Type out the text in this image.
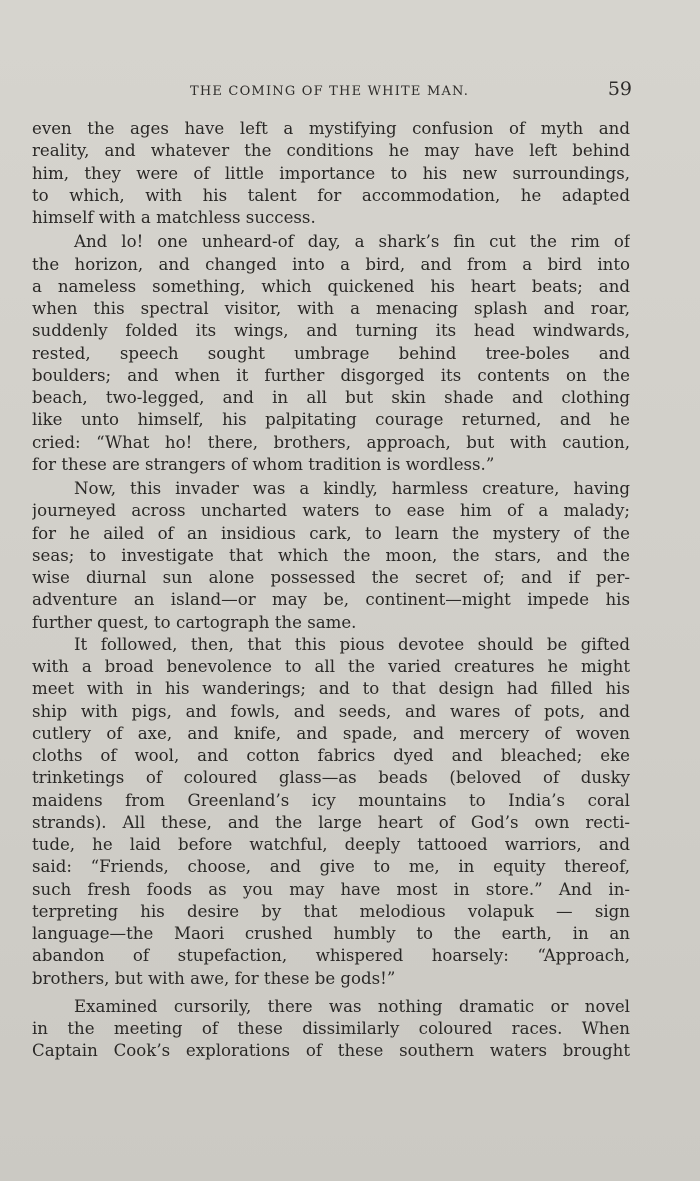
THE COMING OF THE WHITE MAN.	59
even the ages have left a mystifying confusion of myth and
reality, and whatever the conditions he may have left behind
him, they were of little importance to his new surroundings,
to which, with his talent for accommodation, he adapted
himself with a matchless success.
And lo! one unheard-of day, a shark’s fin cut the rim of
the horizon, and changed into a bird, and from a bird into
a nameless something, which quickened his heart beats; and
when this spectral visitor, with a menacing splash and roar,
suddenly folded its wings, and turning its head windwards,
rested, speech sought umbrage behind tree-boles and
boulders; and when it further disgorged its contents on the
beach, two-legged, and in all but skin shade and clothing
like unto himself, his palpitating courage returned, and he
cried: “What ho! there, brothers, approach, but with caution,
for these are strangers of whom tradition is wordless.”
Now, this invader was a kindly, harmless creature, having
journeyed across uncharted waters to ease him of a malady;
for he ailed of an insidious cark, to learn the mystery of the
seas; to investigate that which the moon, the stars, and the
wise diurnal sun alone possessed the secret of; and if per-
adventure an island—or may be, continent—might impede his
further quest, to cartograph the same.
It followed, then, that this pious devotee should be gifted
with a broad benevolence to all the varied creatures he might
meet with in his wanderings; and to that design had filled his
ship with pigs, and fowls, and seeds, and wares of pots, and
cutlery of axe, and knife, and spade, and mercery of woven
cloths of wool, and cotton fabrics dyed and bleached; eke
trinketings of coloured glass—as beads (beloved of dusky
maidens from Greenland’s icy mountains to India’s coral
strands). All these, and the large heart of God’s own recti-
tude, he laid before watchful, deeply tattooed warriors, and
said: “Friends, choose, and give to me, in equity thereof,
such fresh foods as you may have most in store.” And in-
terpreting his desire by that melodious volapuk — sign
language—the Maori crushed humbly to the earth, in an
abandon of stupefaction, whispered hoarsely: “Approach,
brothers, but with awe, for these be gods!”
Examined cursorily, there was nothing dramatic or novel
in the meeting of these dissimilarly coloured races. When
Captain Cook’s explorations of these southern waters brought
